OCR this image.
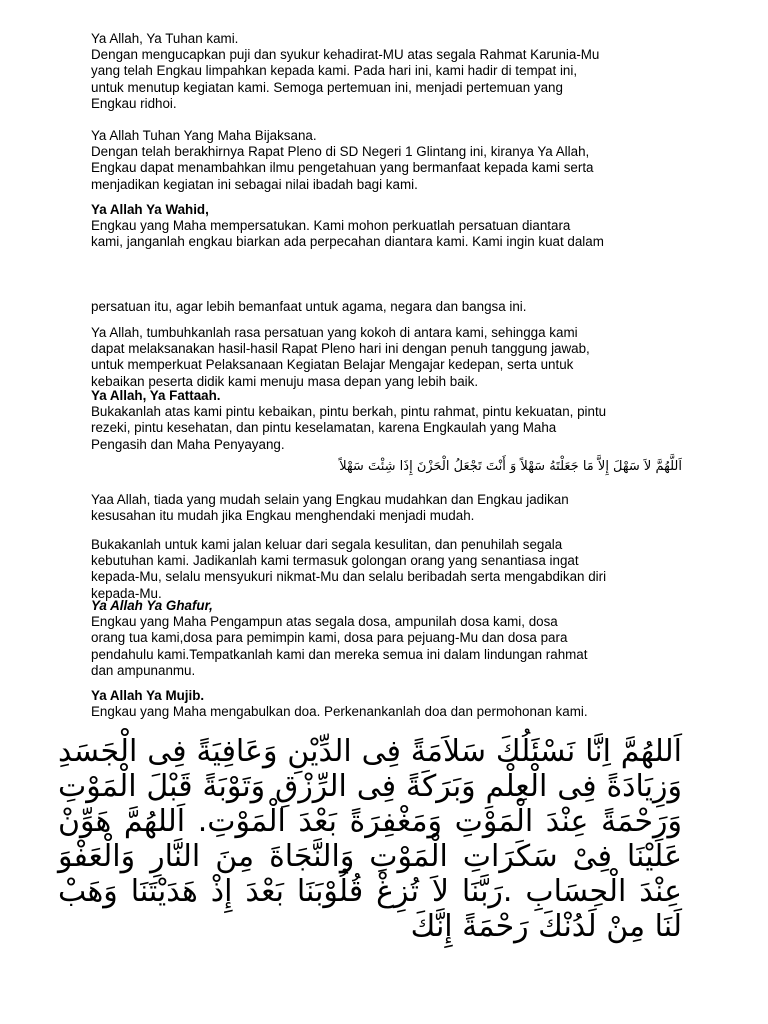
Ya Allah, Ya Tuhan kami.

Dengan mengucapkan puji dan syukur kehadirat-MU atas segala Rahmat Karunia-Mu

yang telah Engkau limpahkan kepada kami. Pada hari ini, kami hadir di tempat ini,

untuk menutup kegiatan kami. Semoga pertemuan ini, menjadi pertemuan yang

Engkau ridhoi.

Ya Allah Tuhan Yang Maha Bijaksana.

Dengan telah berakhirnya Rapat Pleno di SD Negeri 1 Glintang ini, kiranya Ya Allah,

Engkau dapat menambahkan ilmu pengetahuan yang bermanfaat kepada kami serta

menjadikan kegiatan ini sebagai nilai ibadah bagi kami.

Ya Allah Ya Wahid,

Engkau yang Maha mempersatukan. Kami mohon perkuatlah persatuan diantara

kami, janganlah engkau biarkan ada perpecahan diantara kami. Kami ingin kuat dalam

persatuan itu, agar lebih bemanfaat untuk agama, negara dan bangsa ini.

Ya Allah, tumbuhkanlah rasa persatuan yang kokoh di antara kami, sehingga kami

dapat melaksanakan hasil-hasil Rapat Pleno hari ini dengan penuh tanggung jawab,

untuk memperkuat Pelaksanaan Kegiatan Belajar Mengajar kedepan, serta untuk

kebaikan peserta didik kami menuju masa depan yang lebih baik.

Ya Allah, Ya Fattaah.

Bukakanlah atas kami pintu kebaikan, pintu berkah, pintu rahmat, pintu kekuatan, pintu

rezeki, pintu kesehatan, dan pintu keselamatan, karena Engkaulah yang Maha

Pengasih dan Maha Penyayang.

اَللَّهُمَّ لاَ سَهْلَ إِلاَّ مَا جَعَلْتَهُ سَهْلاً وَ أَنْتَ تَجْعَلُ الْحَزْنَ إِذَا شِئْتَ سَهْلاً

Yaa Allah, tiada yang mudah selain yang Engkau mudahkan dan Engkau jadikan

kesusahan itu mudah jika Engkau menghendaki menjadi mudah.

Bukakanlah untuk kami jalan keluar dari segala kesulitan, dan penuhilah segala

kebutuhan kami. Jadikanlah kami termasuk golongan orang yang senantiasa ingat

kepada-Mu, selalu mensyukuri nikmat-Mu dan selalu beribadah serta mengabdikan diri

kepada-Mu.

Ya Allah Ya Ghafur,

Engkau yang Maha Pengampun atas segala dosa, ampunilah dosa kami, dosa

orang tua kami,dosa para pemimpin kami, dosa para pejuang-Mu dan dosa para

pendahulu kami.Tempatkanlah kami dan mereka semua ini dalam lindungan rahmat

dan ampunanmu.

Ya Allah Ya Mujib.

Engkau yang Maha mengabulkan doa. Perkenankanlah doa dan permohonan kami.

اَللهُمَّ اِنَّا نَسْئَلُكَ سَلاَمَةً فِى الدِّيْنِ وَعَافِيَةً فِى الْجَسَدِ وَزِيَادَةً فِى الْعِلْمِ وَبَرَكَةً فِى الرِّزْقِ وَتَوْبَةً قَبْلَ الْمَوْتِ وَرَحْمَةً عِنْدَ الْمَوْتِ وَمَغْفِرَةً بَعْدَ الْمَوْتِ. اَللهُمَّ هَوِّنْ عَلَيْنَا فِىْ سَكَرَاتِ الْمَوْتِ وَالنَّجَاةَ مِنَ النَّارِ وَالْعَفْوَ عِنْدَ الْحِسَابِ .رَبَّنَا لاَ تُزِغْ قُلُوْبَنَا بَعْدَ إِذْ هَدَيْتَنَا وَهَبْ لَنَا مِنْ لَدُنْكَ رَحْمَةً إِنَّكَ
